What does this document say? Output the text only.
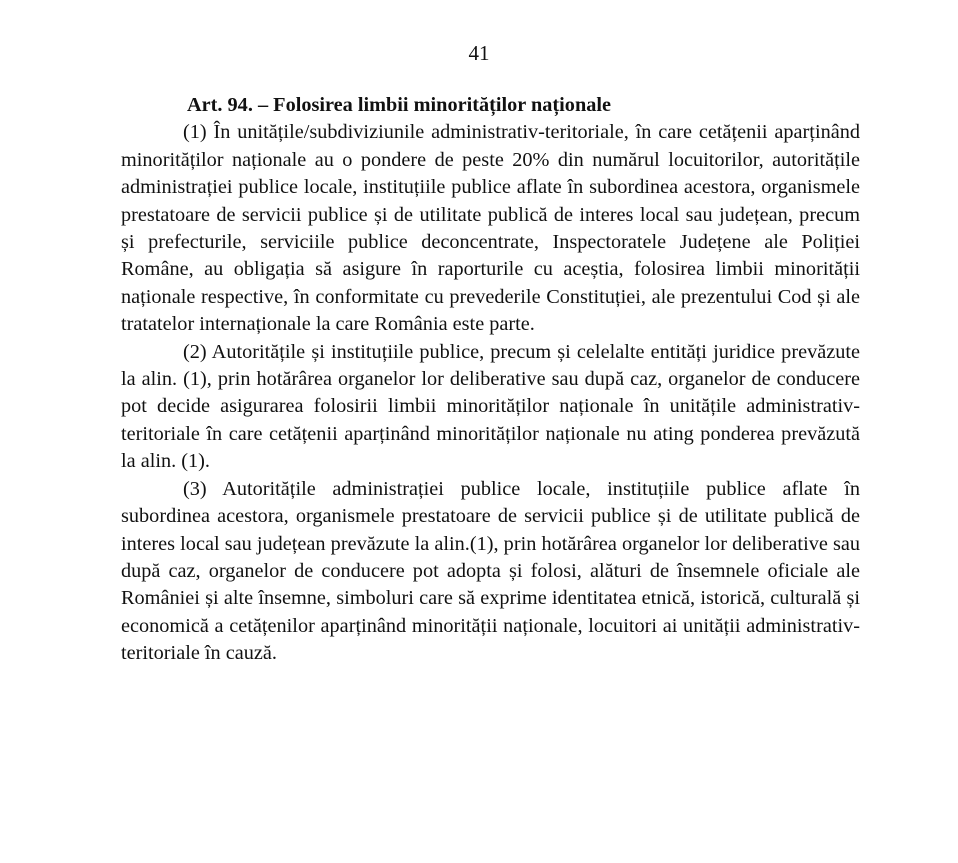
41
Art. 94. – Folosirea limbii minorităților naționale

(1) În unitățile/subdiviziunile administrativ-teritoriale, în care cetățenii aparținând minorităților naționale au o pondere de peste 20% din numărul locuitorilor, autoritățile administrației publice locale, instituțiile publice aflate în subordinea acestora, organismele prestatoare de servicii publice și de utilitate publică de interes local sau județean, precum și prefecturile, serviciile publice deconcentrate, Inspectoratele Județene ale Poliției Române, au obligația să asigure în raporturile cu aceștia, folosirea limbii minorității naționale respective, în conformitate cu prevederile Constituției, ale prezentului Cod și ale tratatelor internaționale la care România este parte.

(2) Autoritățile și instituțiile publice, precum și celelalte entități juridice prevăzute la alin. (1), prin hotărârea organelor lor deliberative sau după caz, organelor de conducere pot decide asigurarea folosirii limbii minorităților naționale în unitățile administrativ-teritoriale în care cetățenii aparținând minorităților naționale nu ating ponderea prevăzută la alin. (1).

(3) Autoritățile administrației publice locale, instituțiile publice aflate în subordinea acestora, organismele prestatoare de servicii publice și de utilitate publică de interes local sau județean prevăzute la alin.(1), prin hotărârea organelor lor deliberative sau după caz, organelor de conducere pot adopta și folosi, alături de însemnele oficiale ale României și alte însemne, simboluri care să exprime identitatea etnică, istorică, culturală și economică a cetățenilor aparținând minorității naționale, locuitori ai unității administrativ-teritoriale în cauză.
